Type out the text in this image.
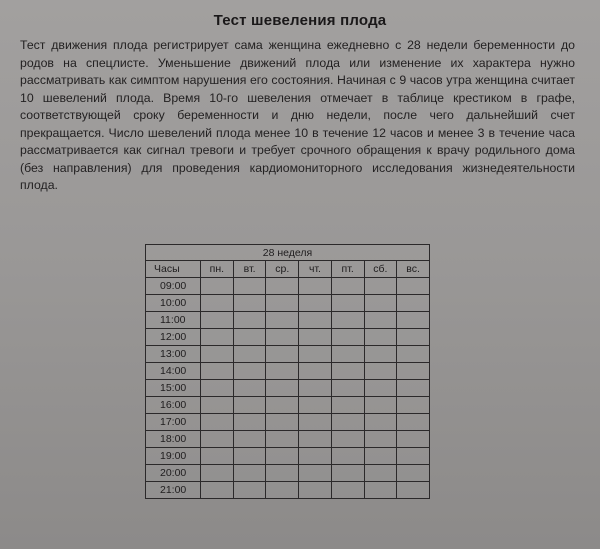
Тест шевеления плода
Тест движения плода регистрирует сама женщина ежедневно с 28 недели беременности до родов на спецлисте. Уменьшение движений плода или изменение их характера нужно рассматривать как симптом нарушения его состояния. Начиная с 9 часов утра женщина считает 10 шевелений плода. Время 10-го шевеления отмечает в таблице крестиком в графе, соответствующей сроку беременности и дню недели, после чего дальнейший счет прекращается. Число шевелений плода менее 10 в течение 12 часов и менее 3 в течение часа рассматривается как сигнал тревоги и требует срочного обращения к врачу родильного дома (без направления) для проведения кардиомониторного исследования жизнедеятельности плода.
28 неделя							
Часы	пн.	вт.	ср.	чт.	пт.	сб.	вс.
09:00							
10:00							
11:00							
12:00							
13:00							
14:00							
15:00							
16:00							
17:00							
18:00							
19:00							
20:00							
21:00							
